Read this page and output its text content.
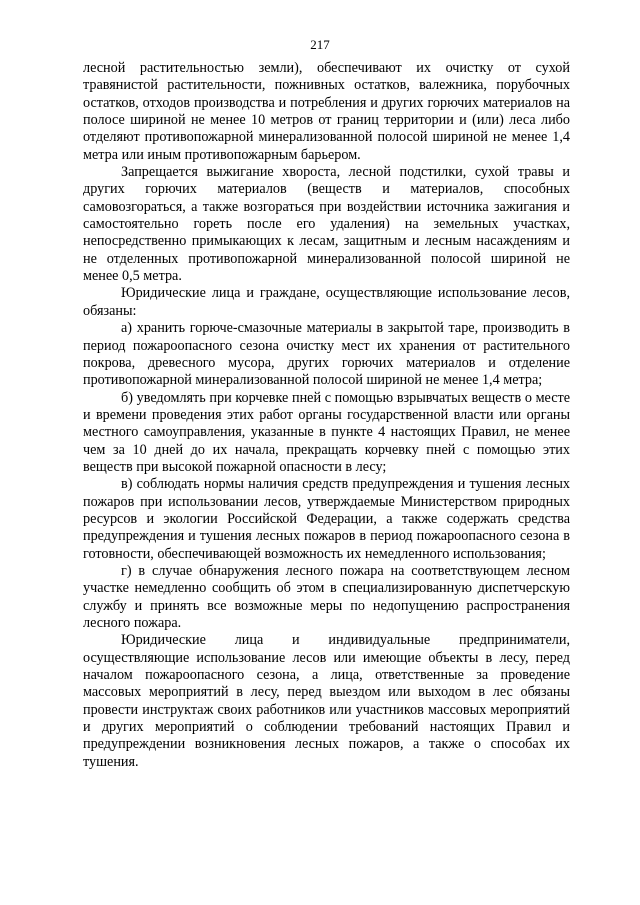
217

лесной растительностью земли), обеспечивают их очистку от сухой травянистой растительности, пожнивных остатков, валежника, порубочных остатков, отходов производства и потребления и других горючих материалов на полосе шириной не менее 10 метров от границ территории и (или) леса либо отделяют противопожарной минерализованной полосой шириной не менее 1,4 метра или иным противопожарным барьером.

Запрещается выжигание хвороста, лесной подстилки, сухой травы и других горючих материалов (веществ и материалов, способных самовозгораться, а также возгораться при воздействии источника зажигания и самостоятельно гореть после его удаления) на земельных участках, непосредственно примыкающих к лесам, защитным и лесным насаждениям и не отделенных противопожарной минерализованной полосой шириной не менее 0,5 метра.

Юридические лица и граждане, осуществляющие использование лесов, обязаны:

а) хранить горюче-смазочные материалы в закрытой таре, производить в период пожароопасного сезона очистку мест их хранения от растительного покрова, древесного мусора, других горючих материалов и отделение противопожарной минерализованной полосой шириной не менее 1,4 метра;

б) уведомлять при корчевке пней с помощью взрывчатых веществ о месте и времени проведения этих работ органы государственной власти или органы местного самоуправления, указанные в пункте 4 настоящих Правил, не менее чем за 10 дней до их начала, прекращать корчевку пней с помощью этих веществ при высокой пожарной опасности в лесу;

в) соблюдать нормы наличия средств предупреждения и тушения лесных пожаров при использовании лесов, утверждаемые Министерством природных ресурсов и экологии Российской Федерации, а также содержать средства предупреждения и тушения лесных пожаров в период пожароопасного сезона в готовности, обеспечивающей возможность их немедленного использования;

г) в случае обнаружения лесного пожара на соответствующем лесном участке немедленно сообщить об этом в специализированную диспетчерскую службу и принять все возможные меры по недопущению распространения лесного пожара.

Юридические лица и индивидуальные предприниматели, осуществляющие использование лесов или имеющие объекты в лесу, перед началом пожароопасного сезона, а лица, ответственные за проведение массовых мероприятий в лесу, перед выездом или выходом в лес обязаны провести инструктаж своих работников или участников массовых мероприятий и других мероприятий о соблюдении требований настоящих Правил и предупреждении возникновения лесных пожаров, а также о способах их тушения.
